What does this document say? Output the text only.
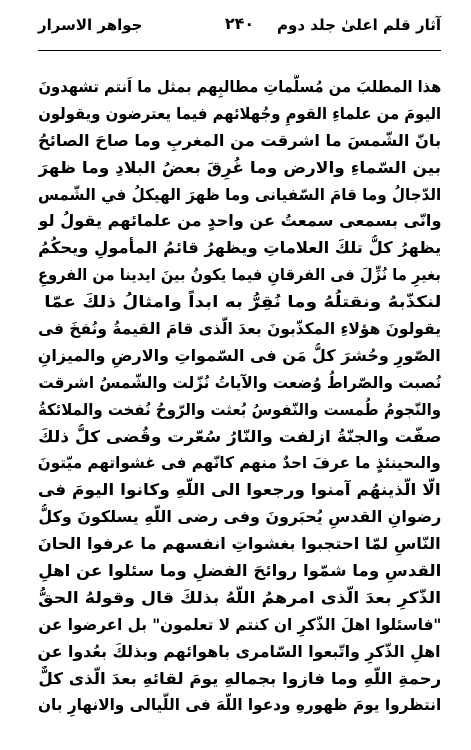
آثار قلم اعلیٰ جلد دوم
۲۴۰
جواهر الاسرار
هذا المطلبَ من مُسلَّماتِ مطالبِهم بمثل ما اَنتم تشهدونَ
اليومَ من علماءِ القومِ وجُهلائهم فيما يعترضون ويقولون
بانّ الشّمسَ ما اشرقت من المغربِ وما صاحَ الصائحُ
بين السّماءِ والارض وما غُرِقَ بعضُ البلادِ وما ظهرَ
الدّجالُ وما قامَ السّفيانى وما ظهرَ الهيكلُ في الشّمس
وانّى بسمعى سمعتُ عن واحدٍ من علمائهم يقولُ لو
يظهرُ كلُّ تلكَ العلاماتِ ويظهرُ قائمُ المأمولِ ويحكُمُ
بغيرِ ما نُزِّلَ فى الفرقانِ فيما يكونُ بينَ ايدينا من الفروعِ
لنكذّبهُ ونقتلُهُ وما نُقِرُّ به ابداً وامثالُ ذلكَ عمّا
يقولونَ هؤلاءِ المكذّبونَ بعدَ الّذى قامَ القيمةُ ونُفخَ فى
الصّورِ وحُشرَ كلُّ مَن فى السّمواتِ والارضِ والميزانِ
نُصبت والصّراطُ وُضعت والآياتُ نُزّلت والشّمسُ اشرقت
والنّجومُ طُمست والنّفوسُ بُعثت والرّوحُ نُفخت والملائكةُ
صفّت والجنّةُ ازلفت والنّارُ سُعّرت وقُضى كلُّ ذلكَ
والىحينئذٍ ما عرفَ احدٌ منهم كانّهم فى غشواتهم ميّتونَ
الّا الّذينهُم آمنوا ورجعوا الى اللّهِ وكانوا اليومَ فى
رضوانِ القدسِ يُحبَرونَ وفى رضى اللّهِ يسلكونَ وكلُّ
النّاسِ لمّا احتجبوا بغشواتِ انفسهم ما عرفوا الحانَ
القدسِ وما شمّوا روائحَ الفضلِ وما سئلوا عن اهلِ
الذّكرِ بعدَ الّذى امرهمُ اللّهُ بذلكَ قال وقولهُ الحقُّ
"فاسئلوا اهلَ الذّكرِ ان كنتم لا تعلمون" بل اعرضوا عن
اهلِ الذّكرِ واتّبعوا السّامرى باهوائهم وبذلكَ بعُدوا عن
رحمةِ اللّهِ وما فازوا بجمالهِ يومَ لقائهِ بعدَ الّذى كلٌّ
انتظروا يومَ ظهورهِ ودعوا اللّهَ فى اللّيالى والانهارِ بان
